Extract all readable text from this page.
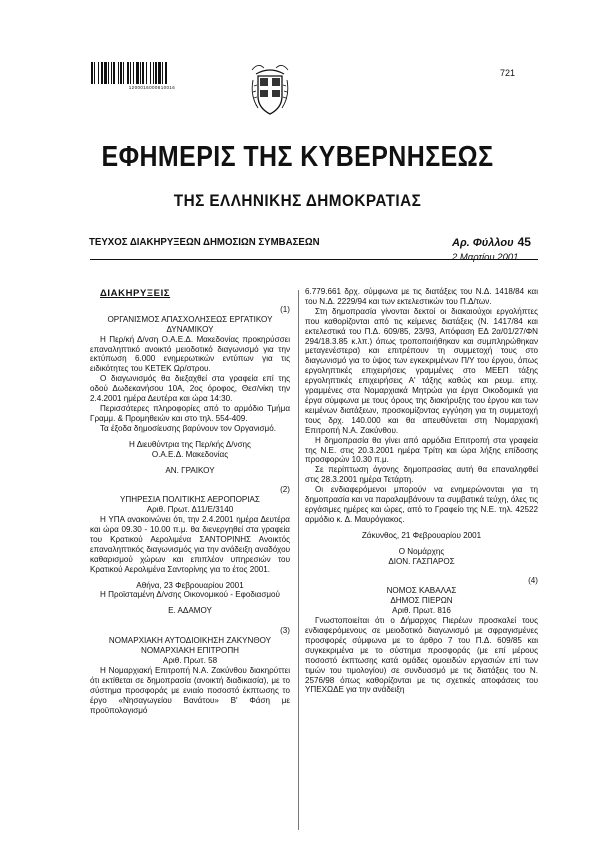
1200016000810016
721
ΕΦΗΜΕΡΙΣ ΤΗΣ ΚΥΒΕΡΝΗΣΕΩΣ
ΤΗΣ ΕΛΛΗΝΙΚΗΣ ΔΗΜΟΚΡΑΤΙΑΣ
ΤΕΥΧΟΣ ΔΙΑΚΗΡΥΞΕΩΝ ΔΗΜΟΣΙΩΝ ΣΥΜΒΑΣΕΩΝ	Αρ. Φύλλου 45
2 Μαρτίου 2001

ΔΙΑΚΗΡΥΞΕΙΣ

(1)

ΟΡΓΑΝΙΣΜΟΣ ΑΠΑΣΧΟΛΗΣΕΩΣ ΕΡΓΑΤΙΚΟΥ ΔΥΝΑΜΙΚΟΥ

Η Περ/κή Δ/νση Ο.Α.Ε.Δ. Μακεδονίας προκηρύσσει επαναληπτικό ανοικτό μειοδοτικό διαγωνισμό για την εκτύπωση 6.000 ενημερωτικών εντύπων για τις ειδικότητες του ΚΕΤΕΚ Ωρ/στρου.

Ο διαγωνισμός θα διεξαχθεί στα γραφεία επί της οδού Δωδεκανήσου 10Α, 2ος όροφος, Θεσ/νίκη την 2.4.2001 ημέρα Δευτέρα και ώρα 14:30.

Περισσότερες πληροφορίες από το αρμόδιο Τμήμα Γραμμ. & Προμηθειών και στο τηλ. 554-409.

Τα έξοδα δημοσίευσης βαρύνουν τον Οργανισμό.

Η Διευθύντρια της Περ/κής Δ/νσης

Ο.Α.Ε.Δ. Μακεδονίας

ΑΝ. ΓΡΑΙΚΟΥ

(2)

ΥΠΗΡΕΣΙΑ ΠΟΛΙΤΙΚΗΣ ΑΕΡΟΠΟΡΙΑΣ

Αριθ. Πρωτ. Δ11/Ε/3140

Η ΥΠΑ ανακοινώνει ότι, την 2.4.2001 ημέρα Δευτέρα και ώρα 09.30 - 10.00 π.μ. θα διενεργηθεί στα γραφεία του Κρατικού Αερολιμένα ΣΑΝΤΟΡΙΝΗΣ Ανοικτός επαναληπτικός διαγωνισμός για την ανάδειξη αναδόχου καθαρισμού χώρων και επιπλέον υπηρεσιών του Κρατικού Αερολιμένα Σαντορίνης για το έτος 2001.

Αθήνα, 23 Φεβρουαρίου 2001

Η Προϊσταμένη Δ/νσης Οικονομικού - Εφοδιασμού

Ε. ΑΔΑΜΟΥ

(3)

ΝΟΜΑΡΧΙΑΚΗ ΑΥΤΟΔΙΟΙΚΗΣΗ ΖΑΚΥΝΘΟΥ

ΝΟΜΑΡΧΙΑΚΗ ΕΠΙΤΡΟΠΗ

Αριθ. Πρωτ. 58

Η Νομαρχιακή Επιτροπή Ν.Α. Ζακύνθου διακηρύττει ότι εκτίθεται σε δημοπρασία (ανοικτή διαδικασία), με το σύστημα προσφοράς με ενιαίο ποσοστό έκπτωσης το έργο «Νησαγωγείου Βανάτου» Β' Φάση με προϋπολογισμό

6.779.661 δρχ. σύμφωνα με τις διατάξεις του Ν.Δ. 1418/84 και του Ν.Δ. 2229/94 και των εκτελεστικών του Π.Δ/των.

Στη δημοπρασία γίνονται δεκτοί οι διακαιούχοι εργολήπτες που καθορίζονται από τις κείμενες διατάξεις (Ν. 1417/84 και εκτελεστικά του Π.Δ. 609/85, 23/93, Απόφαση ΕΔ 2α/01/27/ΦΝ 294/18.3.85 κ.λπ.) όπως τροποποιήθηκαν και συμπληρώθηκαν μεταγενέστερα) και επιτρέπουν τη συμμετοχή τους στο διαγωνισμό για το ύψος των εγκεκριμένων Π/Υ του έργου, όπως εργοληπτικές επιχειρήσεις γραμμένες στο ΜΕΕΠ τάξης εργοληπτικές επιχειρήσεις Α' τάξης καθώς και ρευμ. επιχ. γραμμένες στα Νομαρχιακά Μητρώα για έργα Οικοδομικά για έργα σύμφωνα με τους όρους της διακήρυξης του έργου και των κειμένων διατάξεων, προσκομίζοντας εγγύηση για τη συμμετοχή τους δρχ. 140.000 και θα απευθύνεται στη Νομαρχιακή Επιτροπή Ν.Α. Ζακύνθου.

Η δημοπρασία θα γίνει από αρμόδια Επιτροπή στα γραφεία της Ν.Ε. στις 20.3.2001 ημέρα Τρίτη και ώρα λήξης επίδοσης προσφορών 10.30 π.μ.

Σε περίπτωση άγονης δημοπρασίας αυτή θα επαναληφθεί στις 28.3.2001 ημέρα Τετάρτη.

Οι ενδιαφερόμενοι μπορούν να ενημερώνονται για τη δημοπρασία και να παραλαμβάνουν τα συμβατικά τεύχη, όλες τις εργάσιμες ημέρες και ώρες, από το Γραφείο της Ν.Ε. τηλ. 42522 αρμόδιο κ. Δ. Μαυρόγιακος.

Ζάκυνθος, 21 Φεβρουαρίου 2001

Ο Νομάρχης

ΔΙΟΝ. ΓΑΣΠΑΡΟΣ

(4)

ΝΟΜΟΣ ΚΑΒΑΛΑΣ

ΔΗΜΟΣ ΠΙΕΡΩΝ

Αριθ. Πρωτ. 816

Γνωστοποιείται ότι ο Δήμαρχος Πιερέων προσκαλεί τους ενδιαφερόμενους σε μειοδοτικό διαγωνισμό με σφραγισμένες προσφορές σύμφωνα με το άρθρο 7 του Π.Δ. 609/85 και συγκεκριμένα με το σύστημα προσφοράς (με επί μέρους ποσοστό έκπτωσης κατά ομάδες ομοειδών εργασιών επί των τιμών του τιμολογίου) σε συνδυασμό με τις διατάξεις του Ν. 2576/98 όπως καθορίζονται με τις σχετικές αποφάσεις του ΥΠΕΧΩΔΕ για την ανάδειξη
